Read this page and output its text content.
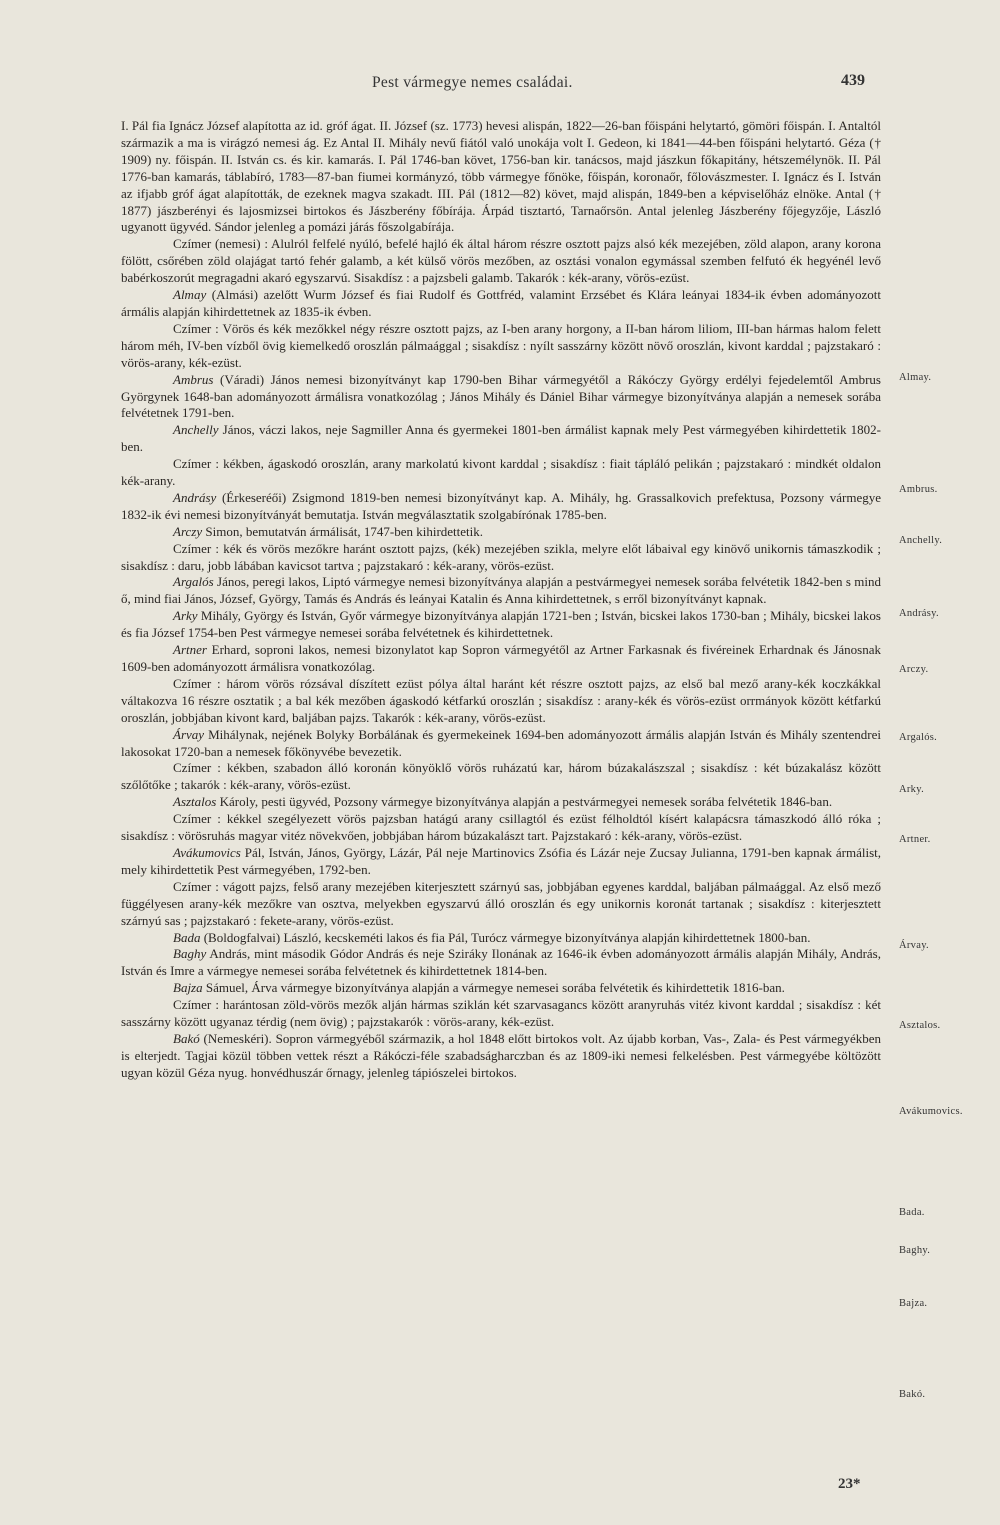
Pest vármegye nemes családai.	439

I. Pál fia Ignácz József alapította az id. gróf ágat. II. József (sz. 1773) hevesi alispán, 1822—26-ban főispáni helytartó, gömöri főispán. I. Antaltól származik a ma is virágzó nemesi ág. Ez Antal II. Mihály nevű fiától való unokája volt I. Gedeon, ki 1841—44-ben főispáni helytartó. Géza († 1909) ny. főispán. II. István cs. és kir. kamarás. I. Pál 1746-ban követ, 1756-ban kir. tanácsos, majd jászkun főkapitány, hétszemélynök. II. Pál 1776-ban kamarás, táblabíró, 1783—87-ban fiumei kormányzó, több vármegye főnöke, főispán, koronaőr, főlovászmester. I. Ignácz és I. István az ifjabb gróf ágat alapították, de ezeknek magva szakadt. III. Pál (1812—82) követ, majd alispán, 1849-ben a képviselőház elnöke. Antal († 1877) jászberényi és lajosmizsei birtokos és Jászberény főbírája. Árpád tisztartó, Tarnaőrsön. Antal jelenleg Jászberény főjegyzője, László ugyanott ügyvéd. Sándor jelenleg a pomázi járás főszolgabírája.

Czímer (nemesi) : Alulról felfelé nyúló, befelé hajló ék által három részre osztott pajzs alsó kék mezejében, zöld alapon, arany korona fölött, csőrében zöld olajágat tartó fehér galamb, a két külső vörös mezőben, az osztási vonalon egymással szemben felfutó ék hegyénél levő babérkoszorút megragadni akaró egyszarvú. Sisakdísz : a pajzsbeli galamb. Takarók : kék-arany, vörös-ezüst.

Almay (Almási) azelőtt Wurm József és fiai Rudolf és Gottfréd, valamint Erzsébet és Klára leányai 1834-ik évben adományozott ármális alapján kihirdettetnek az 1835-ik évben.

Czímer : Vörös és kék mezőkkel négy részre osztott pajzs, az I-ben arany horgony, a II-ban három liliom, III-ban hármas halom felett három méh, IV-ben vízből övig kiemelkedő oroszlán pálmaággal ; sisakdísz : nyílt sasszárny között növő oroszlán, kivont karddal ; pajzstakaró : vörös-arany, kék-ezüst.

Ambrus (Váradi) János nemesi bizonyítványt kap 1790-ben Bihar vármegyétől a Rákóczy György erdélyi fejedelemtől Ambrus Györgynek 1648-ban adományozott ármálisra vonatkozólag ; János Mihály és Dániel Bihar vármegye bizonyítványa alapján a nemesek sorába felvétetnek 1791-ben.

Anchelly János, váczi lakos, neje Sagmiller Anna és gyermekei 1801-ben ármálist kapnak mely Pest vármegyében kihirdettetik 1802-ben.

Czímer : kékben, ágaskodó oroszlán, arany markolatú kivont karddal ; sisakdísz : fiait tápláló pelikán ; pajzstakaró : mindkét oldalon kék-arany.

Andrásy (Érkeseréői) Zsigmond 1819-ben nemesi bizonyítványt kap. A. Mihály, hg. Grassalkovich prefektusa, Pozsony vármegye 1832-ik évi nemesi bizonyítványát bemutatja. István megválasztatik szolgabírónak 1785-ben.

Arczy Simon, bemutatván ármálisát, 1747-ben kihirdettetik.

Czímer : kék és vörös mezőkre haránt osztott pajzs, (kék) mezejében szikla, melyre előt lábaival egy kinövő unikornis támaszkodik ; sisakdísz : daru, jobb lábában kavicsot tartva ; pajzstakaró : kék-arany, vörös-ezüst.

Argalós János, peregi lakos, Liptó vármegye nemesi bizonyítványa alapján a pestvármegyei nemesek sorába felvétetik 1842-ben s mind ő, mind fiai János, József, György, Tamás és András és leányai Katalin és Anna kihirdettetnek, s erről bizonyítványt kapnak.

Arky Mihály, György és István, Győr vármegye bizonyítványa alapján 1721-ben ; István, bicskei lakos 1730-ban ; Mihály, bicskei lakos és fia József 1754-ben Pest vármegye nemesei sorába felvétetnek és kihirdettetnek.

Artner Erhard, soproni lakos, nemesi bizonylatot kap Sopron vármegyétől az Artner Farkasnak és fivéreinek Erhardnak és Jánosnak 1609-ben adományozott ármálisra vonatkozólag.

Czímer : három vörös rózsával díszített ezüst pólya által haránt két részre osztott pajzs, az első bal mező arany-kék koczkákkal váltakozva 16 részre osztatik ; a bal kék mezőben ágaskodó kétfarkú oroszlán ; sisakdísz : arany-kék és vörös-ezüst orrmányok között kétfarkú oroszlán, jobbjában kivont kard, baljában pajzs. Takarók : kék-arany, vörös-ezüst.

Árvay Mihálynak, nejének Bolyky Borbálának és gyermekeinek 1694-ben adományozott ármális alapján István és Mihály szentendrei lakosokat 1720-ban a nemesek főkönyvébe bevezetik.

Czímer : kékben, szabadon álló koronán könyöklő vörös ruházatú kar, három búzakalászszal ; sisakdísz : két búzakalász között szőlőtőke ; takarók : kék-arany, vörös-ezüst.

Asztalos Károly, pesti ügyvéd, Pozsony vármegye bizonyítványa alapján a pestvármegyei nemesek sorába felvétetik 1846-ban.

Czímer : kékkel szegélyezett vörös pajzsban hatágú arany csillagtól és ezüst félholdtól kísért kalapácsra támaszkodó álló róka ; sisakdísz : vörösruhás magyar vitéz növekvően, jobbjában három búzakalászt tart. Pajzstakaró : kék-arany, vörös-ezüst.

Avákumovics Pál, István, János, György, Lázár, Pál neje Martinovics Zsófia és Lázár neje Zucsay Julianna, 1791-ben kapnak ármálist, mely kihirdettetik Pest vármegyében, 1792-ben.

Czímer : vágott pajzs, felső arany mezejében kiterjesztett szárnyú sas, jobbjában egyenes karddal, baljában pálmaággal. Az első mező függélyesen arany-kék mezőkre van osztva, melyekben egyszarvú álló oroszlán és egy unikornis koronát tartanak ; sisakdísz : kiterjesztett szárnyú sas ; pajzstakaró : fekete-arany, vörös-ezüst.

Bada (Boldogfalvai) László, kecskeméti lakos és fia Pál, Turócz vármegye bizonyítványa alapján kihirdettetnek 1800-ban.

Baghy András, mint második Gódor András és neje Sziráky Ilonának az 1646-ik évben adományozott ármális alapján Mihály, András, István és Imre a vármegye nemesei sorába felvétetnek és kihirdettetnek 1814-ben.

Bajza Sámuel, Árva vármegye bizonyítványa alapján a vármegye nemesei sorába felvétetik és kihirdettetik 1816-ban.

Czímer : harántosan zöld-vörös mezők alján hármas sziklán két szarvasagancs között aranyruhás vitéz kivont karddal ; sisakdísz : két sasszárny között ugyanaz térdig (nem övig) ; pajzstakarók : vörös-arany, kék-ezüst.

Bakó (Nemeskéri). Sopron vármegyéből származik, a hol 1848 előtt birtokos volt. Az újabb korban, Vas-, Zala- és Pest vármegyékben is elterjedt. Tagjai közül többen vettek részt a Rákóczi-féle szabadságharczban és az 1809-iki nemesi felkelésben. Pest vármegyébe költözött ugyan közül Géza nyug. honvédhuszár őrnagy, jelenleg tápiószelei birtokos.

Almay.
Ambrus.
Anchelly.
Andrásy.
Arczy.
Argalós.
Arky.
Artner.
Árvay.
Asztalos.
Avákumovics.
Bada.
Baghy.
Bajza.
Bakó.
23*
